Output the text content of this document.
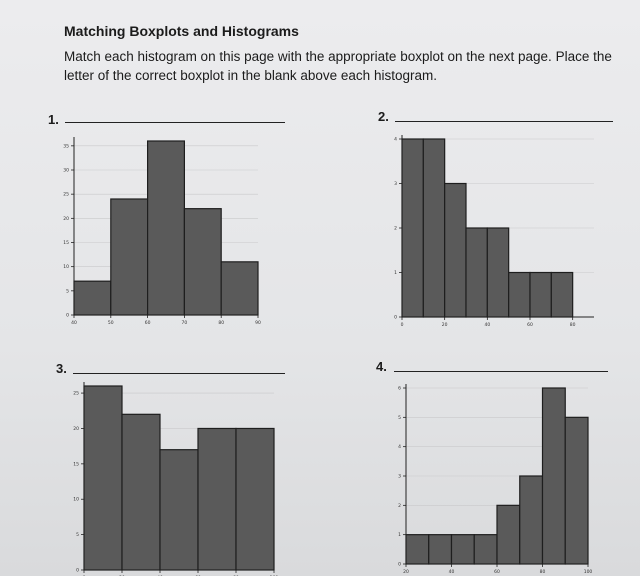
Matching Boxplots and Histograms
Match each histogram on this page with the appropriate boxplot on the next page. Place the letter of the correct boxplot in the blank above each histogram.
1.	2.
3.	4.
0
5
10
15
20
25
30
35
40	50	60	70	80	90
0
1
2
3
4
0	20	40	60	80
0
5
10
15
20
25
0
1
2
3
4
5
6
20	40	60	80	100
